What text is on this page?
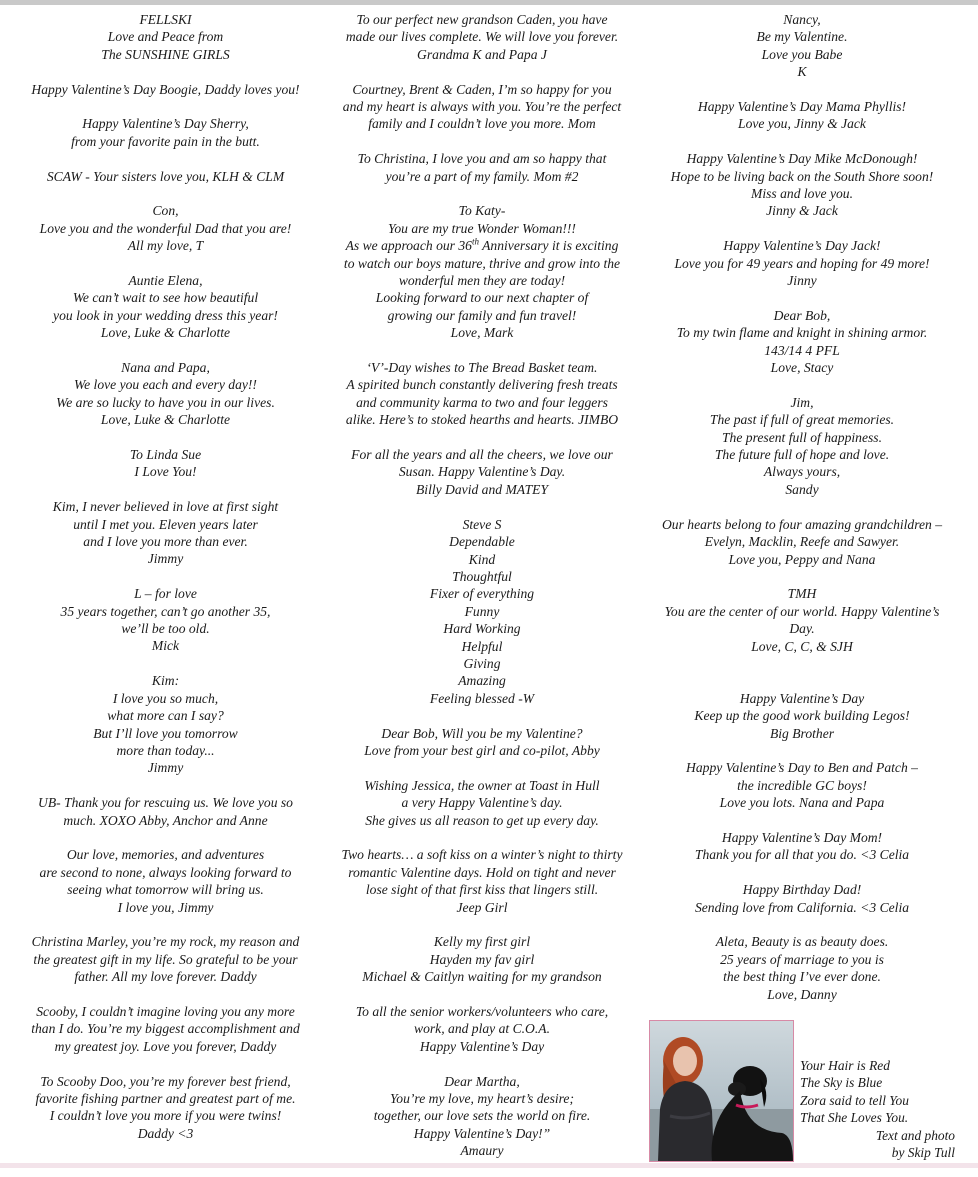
FELLSKI
Love and Peace from
The SUNSHINE GIRLS
Happy Valentine’s Day Boogie, Daddy loves you!
Happy Valentine’s Day Sherry,
from your favorite pain in the butt.
SCAW - Your sisters love you, KLH & CLM
Con,
Love you and the wonderful Dad that you are!
All my love, T
Auntie Elena,
We can’t wait to see how beautiful
you look in your wedding dress this year!
Love, Luke & Charlotte
Nana and Papa,
We love you each and every day!!
We are so lucky to have you in our lives.
Love, Luke & Charlotte
To Linda Sue
I Love You!
Kim, I never believed in love at first sight
until I met you. Eleven years later
and I love you more than ever.
Jimmy
L – for love
35 years together, can’t go another 35,
we’ll be too old.
Mick
Kim:
I love you so much,
what more can I say?
But I’ll love you tomorrow
more than today...
Jimmy
UB- Thank you for rescuing us. We love you so
much. XOXO Abby, Anchor and Anne
Our love, memories, and adventures
are second to none, always looking forward to
seeing what tomorrow will bring us.
I love you, Jimmy
Christina Marley, you’re my rock, my reason and
the greatest gift in my life. So grateful to be your
father. All my love forever. Daddy
Scooby, I couldn’t imagine loving you any more
than I do. You’re my biggest accomplishment and
my greatest joy. Love you forever, Daddy
To Scooby Doo, you’re my forever best friend,
favorite fishing partner and greatest part of me.
I couldn’t love you more if you were twins!
Daddy <3
To our perfect new grandson Caden, you have
made our lives complete. We will love you forever.
Grandma K and Papa J
Courtney, Brent & Caden, I’m so happy for you
and my heart is always with you. You’re the perfect
family and I couldn’t love you more. Mom
To Christina, I love you and am so happy that
you’re a part of my family. Mom #2
To Katy-
You are my true Wonder Woman!!!
As we approach our 36th Anniversary it is exciting
to watch our boys mature, thrive and grow into the
wonderful men they are today!
Looking forward to our next chapter of
growing our family and fun travel!
Love, Mark
‘V’-Day wishes to The Bread Basket team.
A spirited bunch constantly delivering fresh treats
and community karma to two and four leggers
alike. Here’s to stoked hearths and hearts. JIMBO
For all the years and all the cheers, we love our
Susan. Happy Valentine’s Day.
Billy David and MATEY
Steve S
Dependable
Kind
Thoughtful
Fixer of everything
Funny
Hard Working
Helpful
Giving
Amazing
Feeling blessed -W
Dear Bob, Will you be my Valentine?
Love from your best girl and co-pilot, Abby
Wishing Jessica, the owner at Toast in Hull
a very Happy Valentine’s day.
She gives us all reason to get up every day.
Two hearts… a soft kiss on a winter’s night to thirty
romantic Valentine days. Hold on tight and never
lose sight of that first kiss that lingers still.
Jeep Girl
Kelly my first girl
Hayden my fav girl
Michael & Caitlyn waiting for my grandson
To all the senior workers/volunteers who care,
work, and play at C.O.A.
Happy Valentine’s Day
Dear Martha,
You’re my love, my heart’s desire;
together, our love sets the world on fire.
Happy Valentine’s Day!”
Amaury
Nancy,
Be my Valentine.
Love you Babe
K
Happy Valentine’s Day Mama Phyllis!
Love you, Jinny & Jack
Happy Valentine’s Day Mike McDonough!
Hope to be living back on the South Shore soon!
Miss and love you.
Jinny & Jack
Happy Valentine’s Day Jack!
Love you for 49 years and hoping for 49 more!
Jinny
Dear Bob,
To my twin flame and knight in shining armor.
143/14 4 PFL
Love, Stacy
Jim,
The past if full of great memories.
The present full of happiness.
The future full of hope and love.
Always yours,
Sandy
Our hearts belong to four amazing grandchildren –
Evelyn, Macklin, Reefe and Sawyer.
Love you, Peppy and Nana
TMH
You are the center of our world. Happy Valentine’s
Day.
Love, C, C, & SJH

Happy Valentine’s Day
Keep up the good work building Legos!
Big Brother
Happy Valentine’s Day to Ben and Patch –
the incredible GC boys!
Love you lots. Nana and Papa
Happy Valentine’s Day Mom!
Thank you for all that you do. <3 Celia
Happy Birthday Dad!
Sending love from California. <3 Celia
Aleta, Beauty is as beauty does.
25 years of marriage to you is
the best thing I’ve ever done.
Love, Danny
Your Hair is Red
The Sky is Blue
Zora said to tell You
That She Loves You.
Text and photo
by Skip Tull
